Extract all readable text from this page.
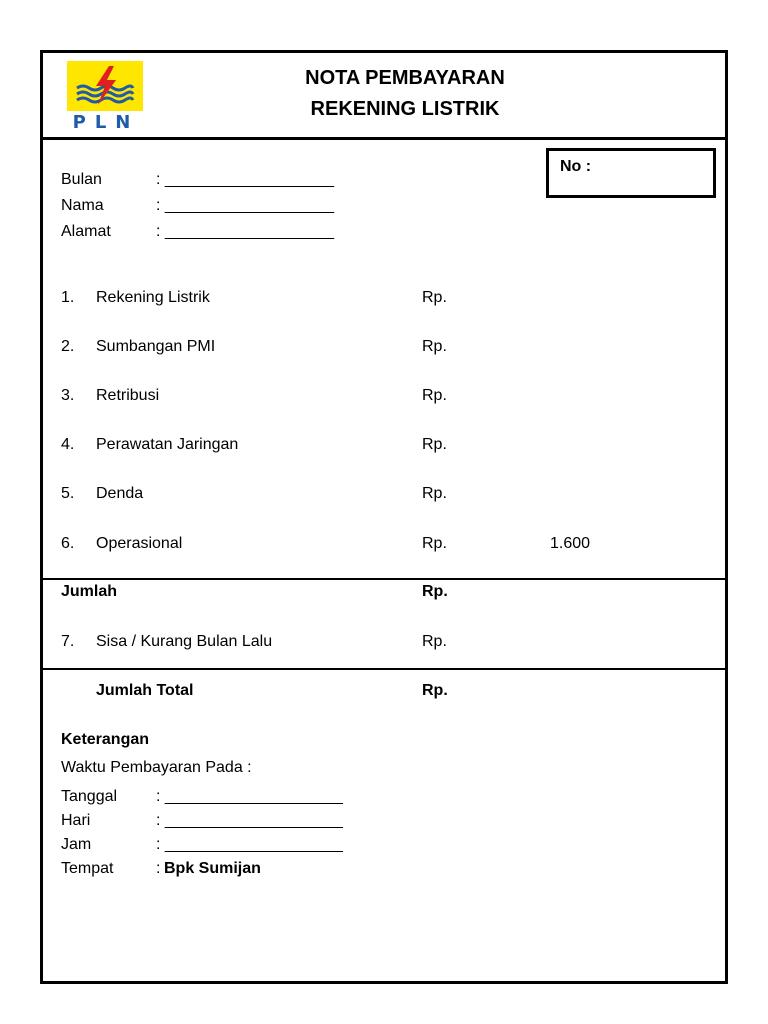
PLN
NOTA PEMBAYARAN
REKENING LISTRIK
No :
Bulan	: ___________________
Nama	: ___________________
Alamat	: ___________________
1. Rekening Listrik	Rp.
2. Sumbangan PMI	Rp.
3. Retribusi	Rp.
4. Perawatan Jaringan	Rp.
5. Denda	Rp.
6. Operasional	Rp.	1.600
Jumlah	Rp.
7. Sisa / Kurang Bulan Lalu	Rp.
Jumlah Total	Rp.
Keterangan
Waktu Pembayaran Pada :
Tanggal : ____________________
Hari	: ____________________
Jam	: ____________________
Tempat	: Bpk Sumijan
